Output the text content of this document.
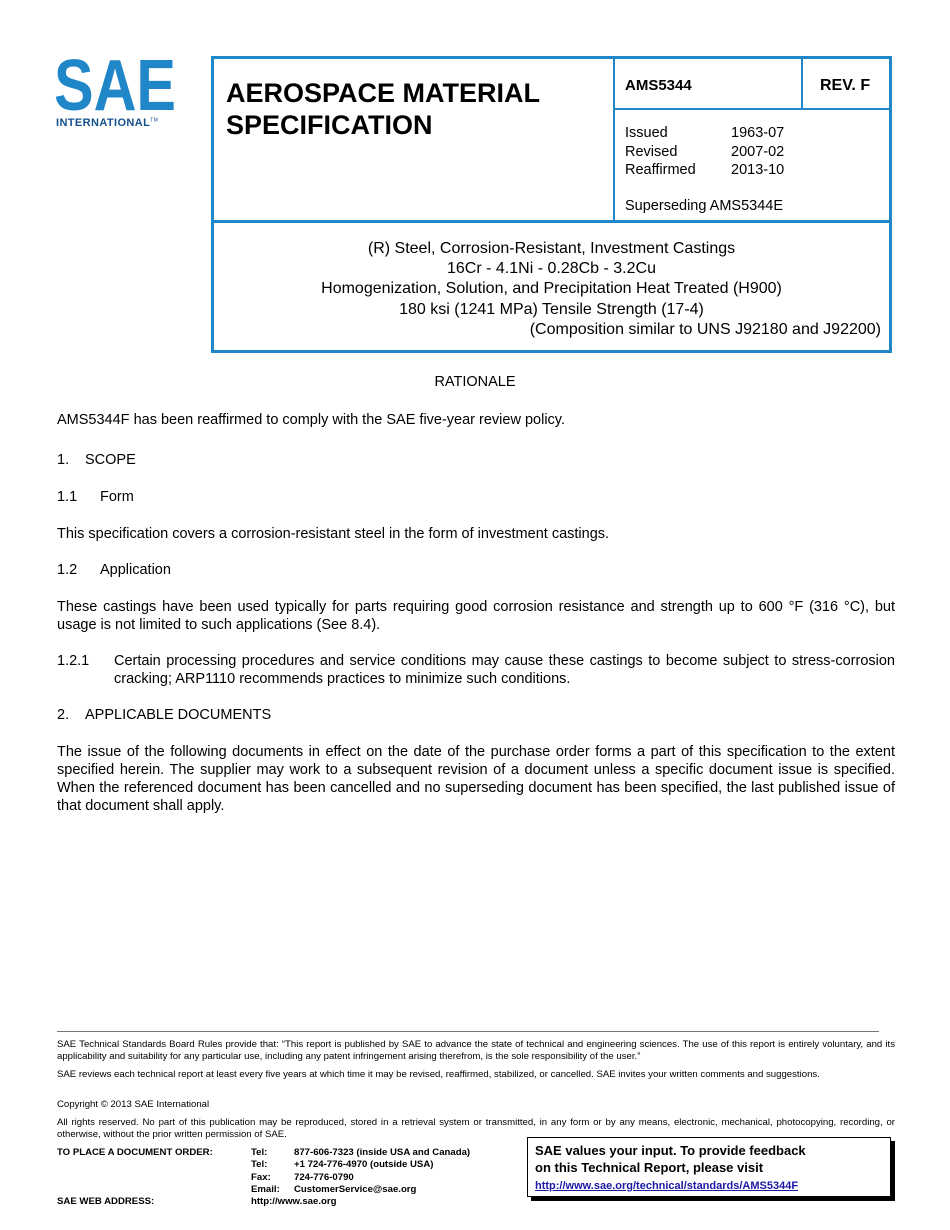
SAE
INTERNATIONAL™
AEROSPACE MATERIAL
SPECIFICATION
AMS5344	REV. F
Issued	1963-07
Revised	2007-02
Reaffirmed	2013-10
Superseding AMS5344E
(R) Steel, Corrosion-Resistant, Investment Castings
16Cr - 4.1Ni - 0.28Cb - 3.2Cu
Homogenization, Solution, and Precipitation Heat Treated (H900)
180 ksi (1241 MPa) Tensile Strength (17-4)
(Composition similar to UNS J92180 and J92200)
RATIONALE
AMS5344F has been reaffirmed to comply with the SAE five-year review policy.
1. SCOPE
1.1 Form
This specification covers a corrosion-resistant steel in the form of investment castings.
1.2 Application
These castings have been used typically for parts requiring good corrosion resistance and strength up to 600 °F (316 °C), but usage is not limited to such applications (See 8.4).
1.2.1	Certain processing procedures and service conditions may cause these castings to become subject to stress-corrosion cracking; ARP1110 recommends practices to minimize such conditions.
2. APPLICABLE DOCUMENTS
The issue of the following documents in effect on the date of the purchase order forms a part of this specification to the extent specified herein. The supplier may work to a subsequent revision of a document unless a specific document issue is specified. When the referenced document has been cancelled and no superseding document has been specified, the last published issue of that document shall apply.
SAE Technical Standards Board Rules provide that: “This report is published by SAE to advance the state of technical and engineering sciences. The use of this report is entirely voluntary, and its applicability and suitability for any particular use, including any patent infringement arising therefrom, is the sole responsibility of the user.”
SAE reviews each technical report at least every five years at which time it may be revised, reaffirmed, stabilized, or cancelled. SAE invites your written comments and suggestions.
Copyright © 2013 SAE International
All rights reserved. No part of this publication may be reproduced, stored in a retrieval system or transmitted, in any form or by any means, electronic, mechanical, photocopying, recording, or otherwise, without the prior written permission of SAE.
TO PLACE A DOCUMENT ORDER:	Tel:	877-606-7323 (inside USA and Canada)
Tel:	+1 724-776-4970 (outside USA)
Fax: 724-776-0790
Email: CustomerService@sae.org
SAE WEB ADDRESS:	http://www.sae.org
SAE values your input. To provide feedback
on this Technical Report, please visit
http://www.sae.org/technical/standards/AMS5344F
